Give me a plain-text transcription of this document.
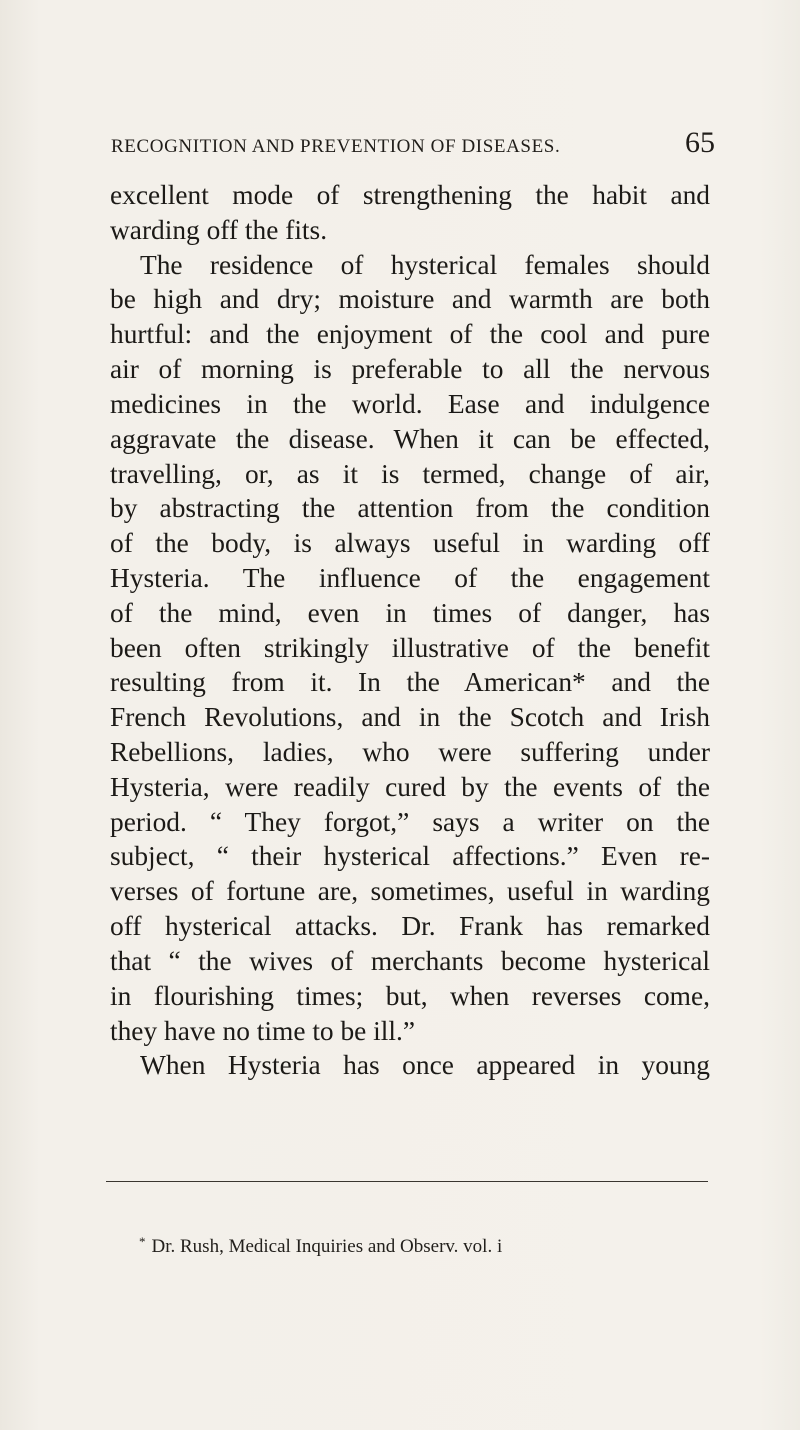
RECOGNITION AND PREVENTION OF DISEASES.	65
excellent mode of strengthening the habit and
warding off the fits.
The residence of hysterical females should
be high and dry; moisture and warmth are both
hurtful: and the enjoyment of the cool and pure
air of morning is preferable to all the nervous
medicines in the world. Ease and indulgence
aggravate the disease. When it can be effected,
travelling, or, as it is termed, change of air,
by abstracting the attention from the condition
of the body, is always useful in warding off
Hysteria. The influence of the engagement
of the mind, even in times of danger, has
been often strikingly illustrative of the benefit
resulting from it. In the American* and the
French Revolutions, and in the Scotch and Irish
Rebellions, ladies, who were suffering under
Hysteria, were readily cured by the events of the
period. “ They forgot,” says a writer on the
subject, “ their hysterical affections.” Even re-
verses of fortune are, sometimes, useful in warding
off hysterical attacks. Dr. Frank has remarked
that “ the wives of merchants become hysterical
in flourishing times; but, when reverses come,
they have no time to be ill.”
When Hysteria has once appeared in young
* Dr. Rush, Medical Inquiries and Observ. vol. i
